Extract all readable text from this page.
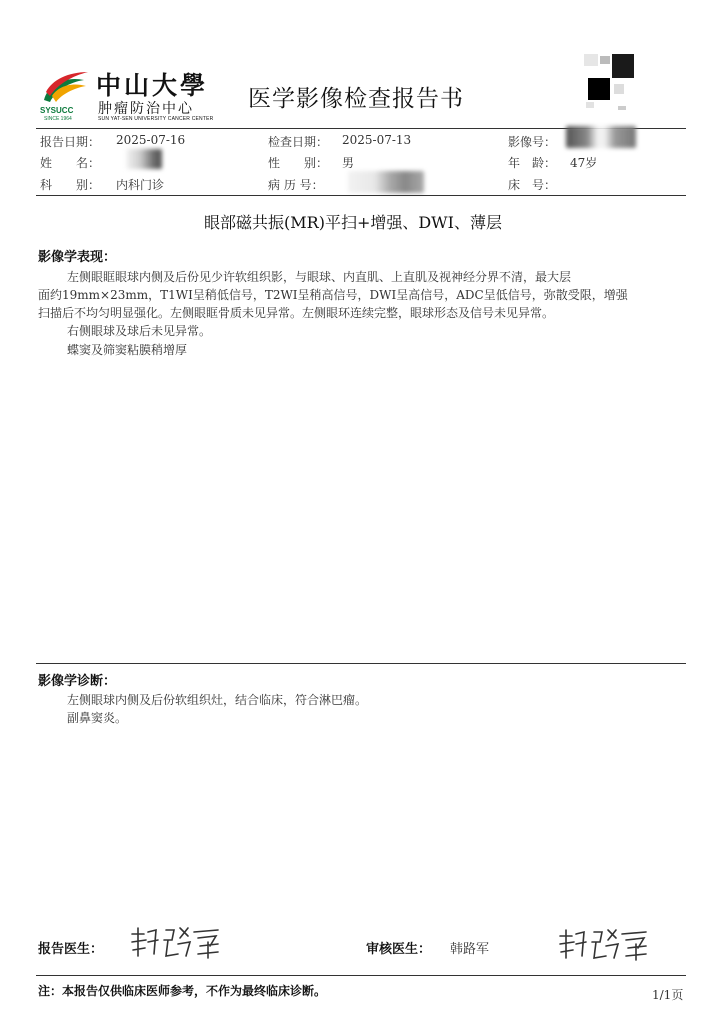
SYSUCC
SINCE 1964
中山大學
肿瘤防治中心
SUN YAT-SEN UNIVERSITY CANCER CENTER
医学影像检查报告书
报告日期： 2025-07-16	检查日期： 2025-07-13	影像号：
姓　　名：	性　　别： 男	年　龄： 47岁
科　　别： 内科门诊	病 历 号：	床　号：
眼部磁共振(MR)平扫+增强、DWI、薄层
影像学表现：
左侧眼眶眼球内侧及后份见少许软组织影，与眼球、内直肌、上直肌及视神经分界不清，最大层
面约19mm×23mm，T1WI呈稍低信号，T2WI呈稍高信号，DWI呈高信号，ADC呈低信号，弥散受限，增强
扫描后不均匀明显强化。左侧眼眶骨质未见异常。左侧眼环连续完整，眼球形态及信号未见异常。
右侧眼球及球后未见异常。
蝶窦及筛窦粘膜稍增厚
影像学诊断：
左侧眼球内侧及后份软组织灶，结合临床，符合淋巴瘤。
副鼻窦炎。
报告医生：	审核医生： 韩路军
注：本报告仅供临床医师参考，不作为最终临床诊断。	1/1页
